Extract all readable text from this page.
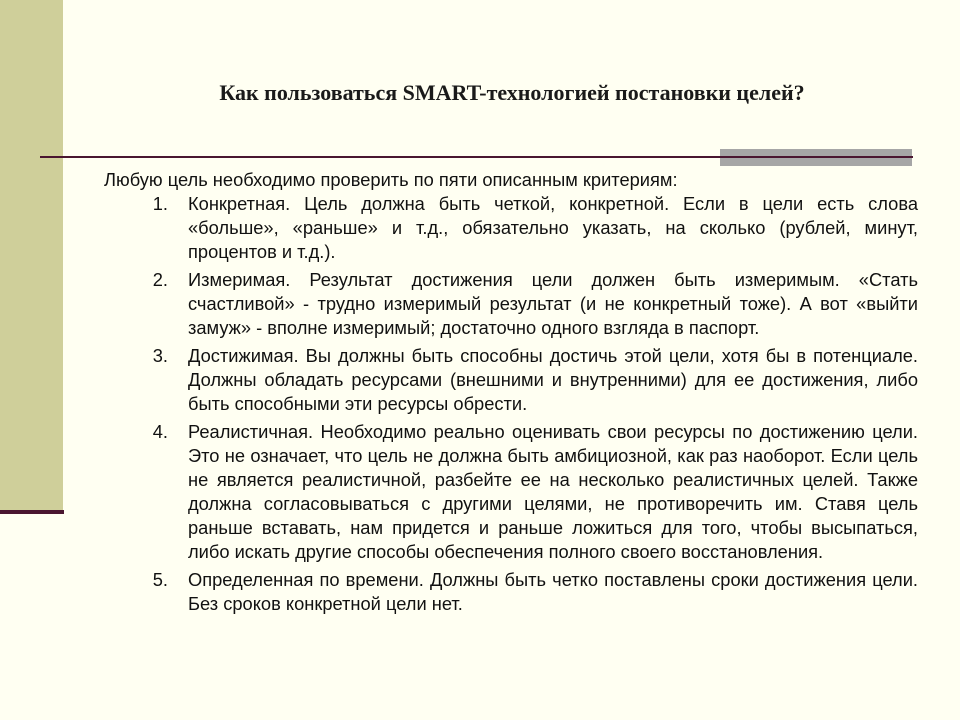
Как пользоваться SMART-технологией постановки целей?

Любую цель необходимо проверить по пяти описанным критериям:

1.	Конкретная. Цель должна быть четкой, конкретной. Если в цели есть слова «больше», «раньше» и т.д., обязательно указать, на сколько (рублей, минут, процентов и т.д.).
2.	Измеримая. Результат достижения цели должен быть измеримым. «Стать счастливой» - трудно измеримый результат (и не конкретный тоже). А вот «выйти замуж» - вполне измеримый; достаточно одного взгляда в паспорт.
3.	Достижимая. Вы должны быть способны достичь этой цели, хотя бы в потенциале. Должны обладать ресурсами (внешними и внутренними) для ее достижения, либо быть способными эти ресурсы обрести.
4.	Реалистичная. Необходимо реально оценивать свои ресурсы по достижению цели. Это не означает, что цель не должна быть амбициозной, как раз наоборот. Если цель не является реалистичной, разбейте ее на несколько реалистичных целей. Также должна согласовываться с другими целями, не противоречить им. Ставя цель раньше вставать, нам придется и раньше ложиться для того, чтобы высыпаться, либо искать другие способы обеспечения полного своего восстановления.
5.	Определенная по времени. Должны быть четко поставлены сроки достижения цели. Без сроков конкретной цели нет.
